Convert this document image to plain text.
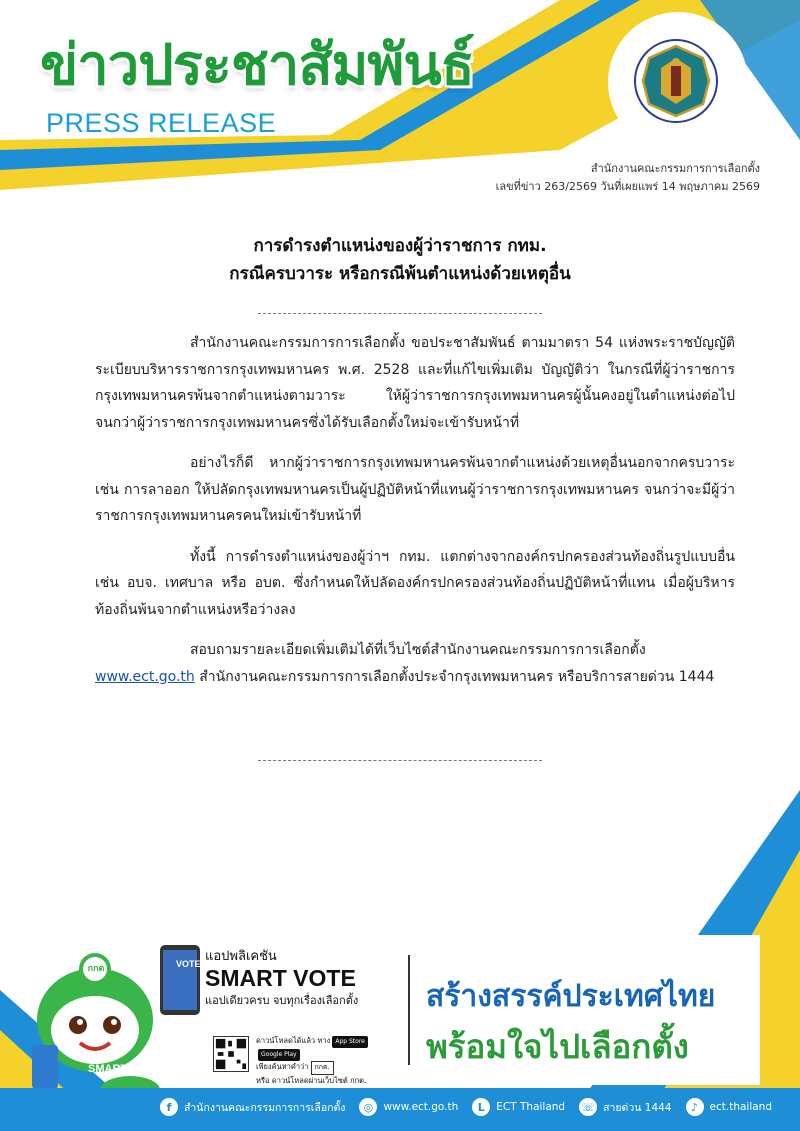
ข่าวประชาสัมพันธ์
PRESS RELEASE
สำนักงานคณะกรรมการการเลือกตั้ง
เลขที่ข่าว 263/2569 วันที่เผยแพร่ 14 พฤษภาคม 2569
การดำรงตำแหน่งของผู้ว่าราชการ กทม.
กรณีครบวาระ หรือกรณีพ้นตำแหน่งด้วยเหตุอื่น

สำนักงานคณะกรรมการการเลือกตั้ง ขอประชาสัมพันธ์ ตามมาตรา 54 แห่งพระราชบัญญัติระเบียบบริหารราชการกรุงเทพมหานคร พ.ศ. 2528 และที่แก้ไขเพิ่มเติม บัญญัติว่า ในกรณีที่ผู้ว่าราชการกรุงเทพมหานครพ้นจากตำแหน่งตามวาระ ให้ผู้ว่าราชการกรุงเทพมหานครผู้นั้นคงอยู่ในตำแหน่งต่อไปจนกว่าผู้ว่าราชการกรุงเทพมหานครซึ่งได้รับเลือกตั้งใหม่จะเข้ารับหน้าที่

อย่างไรก็ดี หากผู้ว่าราชการกรุงเทพมหานครพ้นจากตำแหน่งด้วยเหตุอื่นนอกจากครบวาระ เช่น การลาออก ให้ปลัดกรุงเทพมหานครเป็นผู้ปฏิบัติหน้าที่แทนผู้ว่าราชการกรุงเทพมหานคร จนกว่าจะมีผู้ว่าราชการกรุงเทพมหานครคนใหม่เข้ารับหน้าที่

ทั้งนี้ การดำรงตำแหน่งของผู้ว่าฯ กทม. แตกต่างจากองค์กรปกครองส่วนท้องถิ่นรูปแบบอื่น เช่น อบจ. เทศบาล หรือ อบต. ซึ่งกำหนดให้ปลัดองค์กรปกครองส่วนท้องถิ่นปฏิบัติหน้าที่แทน เมื่อผู้บริหารท้องถิ่นพ้นจากตำแหน่งหรือว่างลง

สอบถามรายละเอียดเพิ่มเติมได้ที่เว็บไซต์สำนักงานคณะกรรมการการเลือกตั้ง www.ect.go.th สำนักงานคณะกรรมการการเลือกตั้งประจำกรุงเทพมหานคร หรือบริการสายด่วน 1444

กกต	VOTE
SMART ECT
แอปพลิเคชัน
SMART VOTE
แอปเดียวครบ จบทุกเรื่องเลือกตั้ง
ดาวน์โหลดได้แล้ว ทาง App StoreGoogle Play
เพียงค้นหาคำว่า กกต.
หรือ ดาวน์โหลดผ่านเว็บไซต์ กกต.
สร้างสรรค์ประเทศไทย
พร้อมใจไปเลือกตั้ง
f	สำนักงานคณะกรรมการการเลือกตั้ง	◎ www.ect.go.th	L	ECT Thailand ☏ สายด่วน 1444	♪	ect.thailand
